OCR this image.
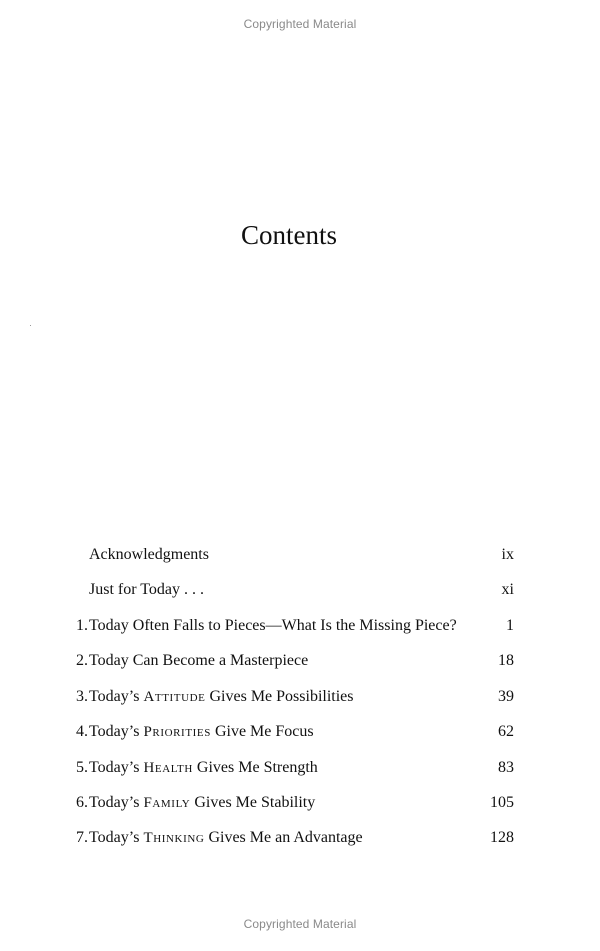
Copyrighted Material
Contents
Acknowledgments	ix
Just for Today . . .	xi
1. Today Often Falls to Pieces—What Is the Missing Piece?	1
2. Today Can Become a Masterpiece	18
3. Today’s Attitude Gives Me Possibilities	39
4. Today’s Priorities Give Me Focus	62
5. Today’s Health Gives Me Strength	83
6. Today’s Family Gives Me Stability	105
7. Today’s Thinking Gives Me an Advantage	128
Copyrighted Material
